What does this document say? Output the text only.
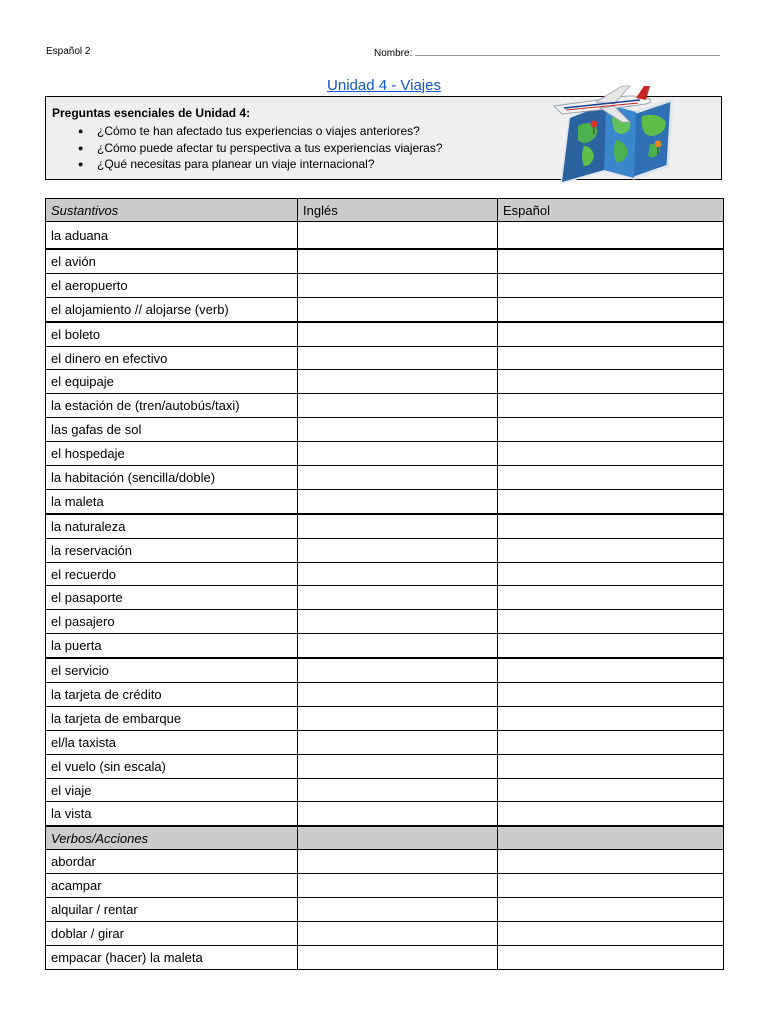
Español 2	Nombre:
Unidad 4 - Viajes
Preguntas esenciales de Unidad 4:
● ¿Cómo te han afectado tus experiencias o viajes anteriores?
● ¿Cómo puede afectar tu perspectiva a tus experiencias viajeras?
● ¿Qué necesitas para planear un viaje internacional?
Sustantivos	Inglés	Español
la aduana		
el avión		
el aeropuerto		
el alojamiento // alojarse (verb)		
el boleto		
el dinero en efectivo		
el equipaje		
la estación de (tren/autobús/taxi)		
las gafas de sol		
el hospedaje		
la habitación (sencilla/doble)		
la maleta		
la naturaleza		
la reservación		
el recuerdo		
el pasaporte		
el pasajero		
la puerta		
el servicio		
la tarjeta de crédito		
la tarjeta de embarque		
el/la taxista		
el vuelo (sin escala)		
el viaje		
la vista		
Verbos/Acciones		
abordar		
acampar		
alquilar / rentar		
doblar / girar		
empacar (hacer) la maleta		
